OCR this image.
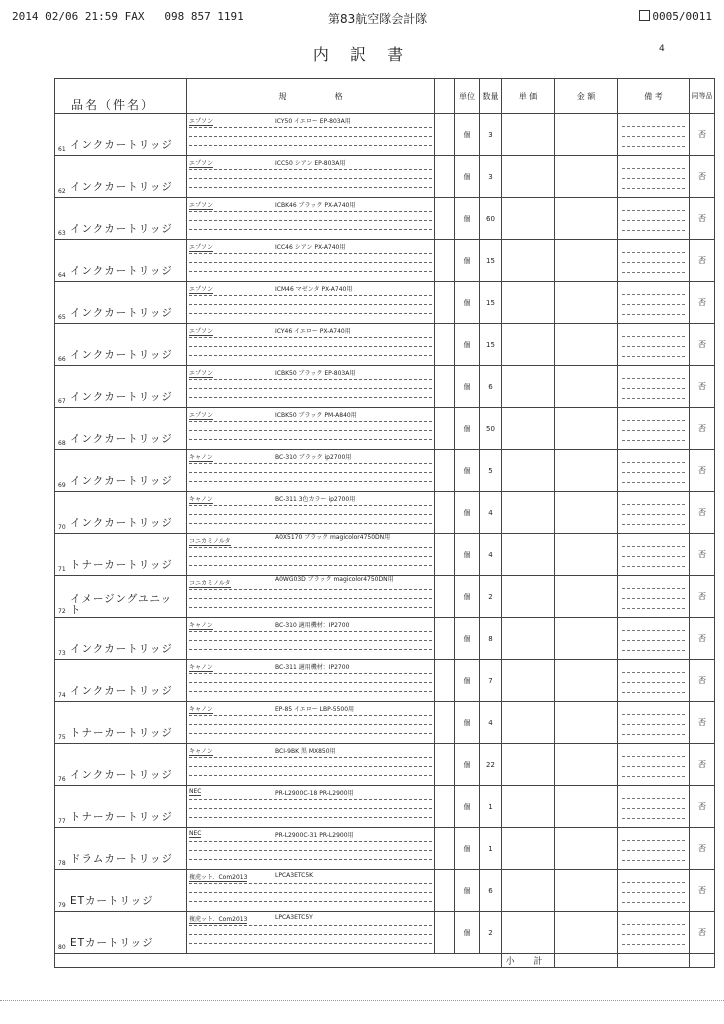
2014 02/06 21:59 FAX 098 857 1191	第83航空隊会計隊	0005/0011
内 訳 書	4
品名（件名）	規 格		単位	数量	単 価	金 額	備 考	同等品

61 インクカートリッジ	エプソン ICY50 イエロー EP-803A用		個	3				否

62 インクカートリッジ	エプソン ICC50 シアン EP-803A用		個	3				否

63 インクカートリッジ	エプソン ICBK46 ブラック PX-A740用		個	60				否

64 インクカートリッジ	エプソン ICC46 シアン PX-A740用		個	15				否

65 インクカートリッジ	エプソン ICM46 マゼンタ PX-A740用		個	15				否

66 インクカートリッジ	エプソン ICY46 イエロー PX-A740用		個	15				否

67 インクカートリッジ	エプソン ICBK50 ブラック EP-803A用		個	6				否

68 インクカートリッジ	エプソン ICBK50 ブラック PM-A840用		個	50				否

69 インクカートリッジ	キャノン BC-310 ブラック ip2700用		個	5				否

70 インクカートリッジ	キャノン BC-311 3色カラー ip2700用		個	4				否

71 トナーカートリッジ	コニカミノルタ
A0X5170 ブラック magicolor4750DN用		個	4				否

72
イメージングユニット	コニカミノルタ
A0WG03D ブラック magicolor4750DN用		個	2				否

73 インクカートリッジ	キャノン BC-310 適用機材：IP2700		個	8				否

74 インクカートリッジ	キャノン BC-311 適用機材：IP2700		個	7				否

75 トナーカートリッジ	キャノン EP-85 イエロー LBP-5500用		個	4				否

76 インクカートリッジ	キャノン BCI-9BK 黒 MX850用		個	22				否

77 トナーカートリッジ	NEC PR-L2900C-18 PR-L2900用		個	1				否

78 ドラムカートリッジ	NEC PR-L2900C-31 PR-L2900用		個	1				否

79 ETカートリッジ	複虎ット．Com2013 LPCA3ETC5K		個	6				否

80 ETカートリッジ	複虎ット．Com2013 LPCA3ETC5Y		個	2				否
					小 計			
